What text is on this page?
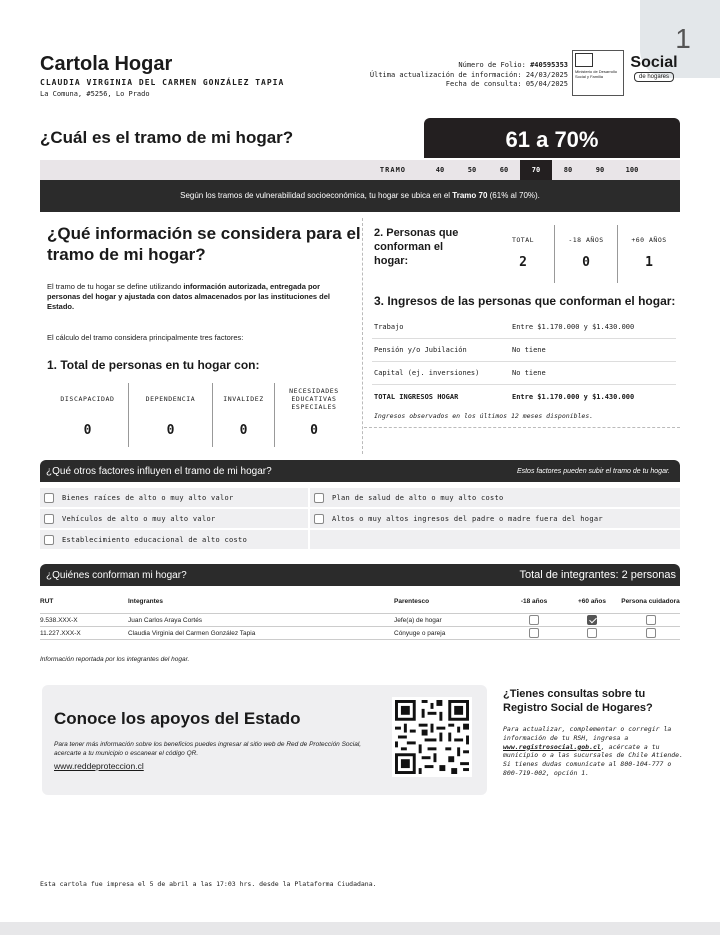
1
Cartola Hogar
CLAUDIA VIRGINIA DEL CARMEN GONZÁLEZ TAPIA
La Comuna, #5256, Lo Prado
Número de Folio: #40595353
Última actualización de información: 24/03/2025
Fecha de consulta: 05/04/2025
Ministerio de Desarrollo Social y Familia
Social
de hogares
¿Cuál es el tramo de mi hogar?	61 a 70%
TRAMO	40	50	60	70	80	90	100
Según los tramos de vulnerabilidad socioeconómica, tu hogar se ubica en el Tramo 70 (61% al 70%).
¿Qué información se considera para el tramo de mi hogar?
El tramo de tu hogar se define utilizando información autorizada, entregada por personas del hogar y ajustada con datos almacenados por las instituciones del Estado.
El cálculo del tramo considera principalmente tres factores:
1. Total de personas en tu hogar con:
DISCAPACIDAD
0
DEPENDENCIA
0
INVALIDEZ
0
NECESIDADES EDUCATIVAS ESPECIALES
0
2. Personas que conforman el hogar:
TOTAL
2
-18 AÑOS
0
+60 AÑOS
1
3. Ingresos de las personas que conforman el hogar:
Trabajo	Entre $1.170.000 y $1.430.000
Pensión y/o Jubilación	No tiene
Capital (ej. inversiones)	No tiene
TOTAL INGRESOS HOGAR	Entre $1.170.000 y $1.430.000
Ingresos observados en los últimos 12 meses disponibles.
¿Qué otros factores influyen el tramo de mi hogar?	Estos factores pueden subir el tramo de tu hogar.
Bienes raíces de alto o muy alto valor	Plan de salud de alto o muy alto costo
Vehículos de alto o muy alto valor	Altos o muy altos ingresos del padre o madre fuera del hogar
Establecimiento educacional de alto costo
¿Quiénes conforman mi hogar?	Total de integrantes: 2 personas
RUT	Integrantes	Parentesco	-18 años	+60 años	Persona cuidadora
9.538.XXX-X	Juan Carlos Araya Cortés	Jefe(a) de hogar
11.227.XXX-X	Claudia Virginia del Carmen González Tapia	Cónyuge o pareja
Información reportada por los integrantes del hogar.
Conoce los apoyos del Estado
Para tener más información sobre los beneficios puedes ingresar al sitio web de Red de Protección Social, acercarte a tu municipio o escanear el código QR.
www.reddeproteccion.cl
¿Tienes consultas sobre tu Registro Social de Hogares?
Para actualizar, complementar o corregir la información de tu RSH, ingresa a www.registrosocial.gob.cl, acércate a tu municipio o a las sucursales de Chile Atiende. Si tienes dudas comunícate al 800-104-777 o 800-719-002, opción 1.
Esta cartola fue impresa el 5 de abril a las 17:03 hrs. desde la Plataforma Ciudadana.
